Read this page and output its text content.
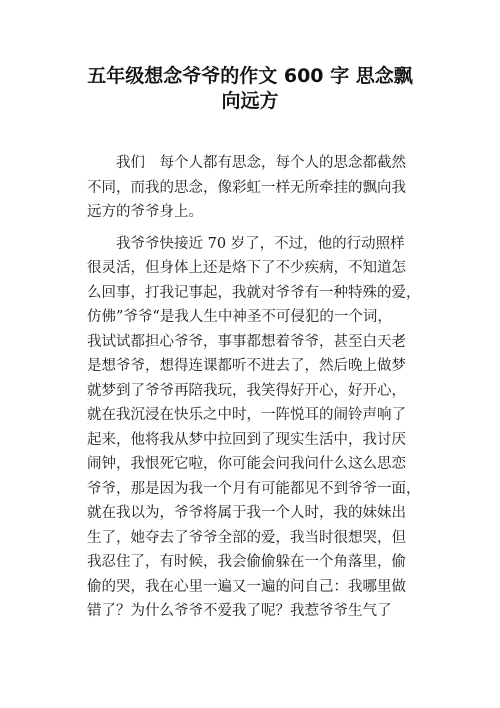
五年级想念爷爷的作文 600 字 思念飘
向远方
　　我们　每个人都有思念，每个人的思念都截然
不同，而我的思念，像彩虹一样无所牵挂的飘向我
远方的爷爷身上。
　　我爷爷快接近 70 岁了，不过，他的行动照样
很灵活，但身体上还是烙下了不少疾病，不知道怎
么回事，打我记事起，我就对爷爷有一种特殊的爱，
仿佛”爷爷“是我人生中神圣不可侵犯的一个词，
我试试都担心爷爷，事事都想着爷爷，甚至白天老
是想爷爷，想得连课都听不进去了，然后晚上做梦
就梦到了爷爷再陪我玩，我笑得好开心，好开心，
就在我沉浸在快乐之中时，一阵悦耳的闹铃声响了
起来，他将我从梦中拉回到了现实生活中，我讨厌
闹钟，我恨死它啦，你可能会问我问什么这么思恋
爷爷，那是因为我一个月有可能都见不到爷爷一面，
就在我以为，爷爷将属于我一个人时，我的妹妹出
生了，她夺去了爷爷全部的爱，我当时很想哭，但
我忍住了，有时候，我会偷偷躲在一个角落里，偷
偷的哭，我在心里一遍又一遍的问自己：我哪里做
错了？为什么爷爷不爱我了呢？我惹爷爷生气了
